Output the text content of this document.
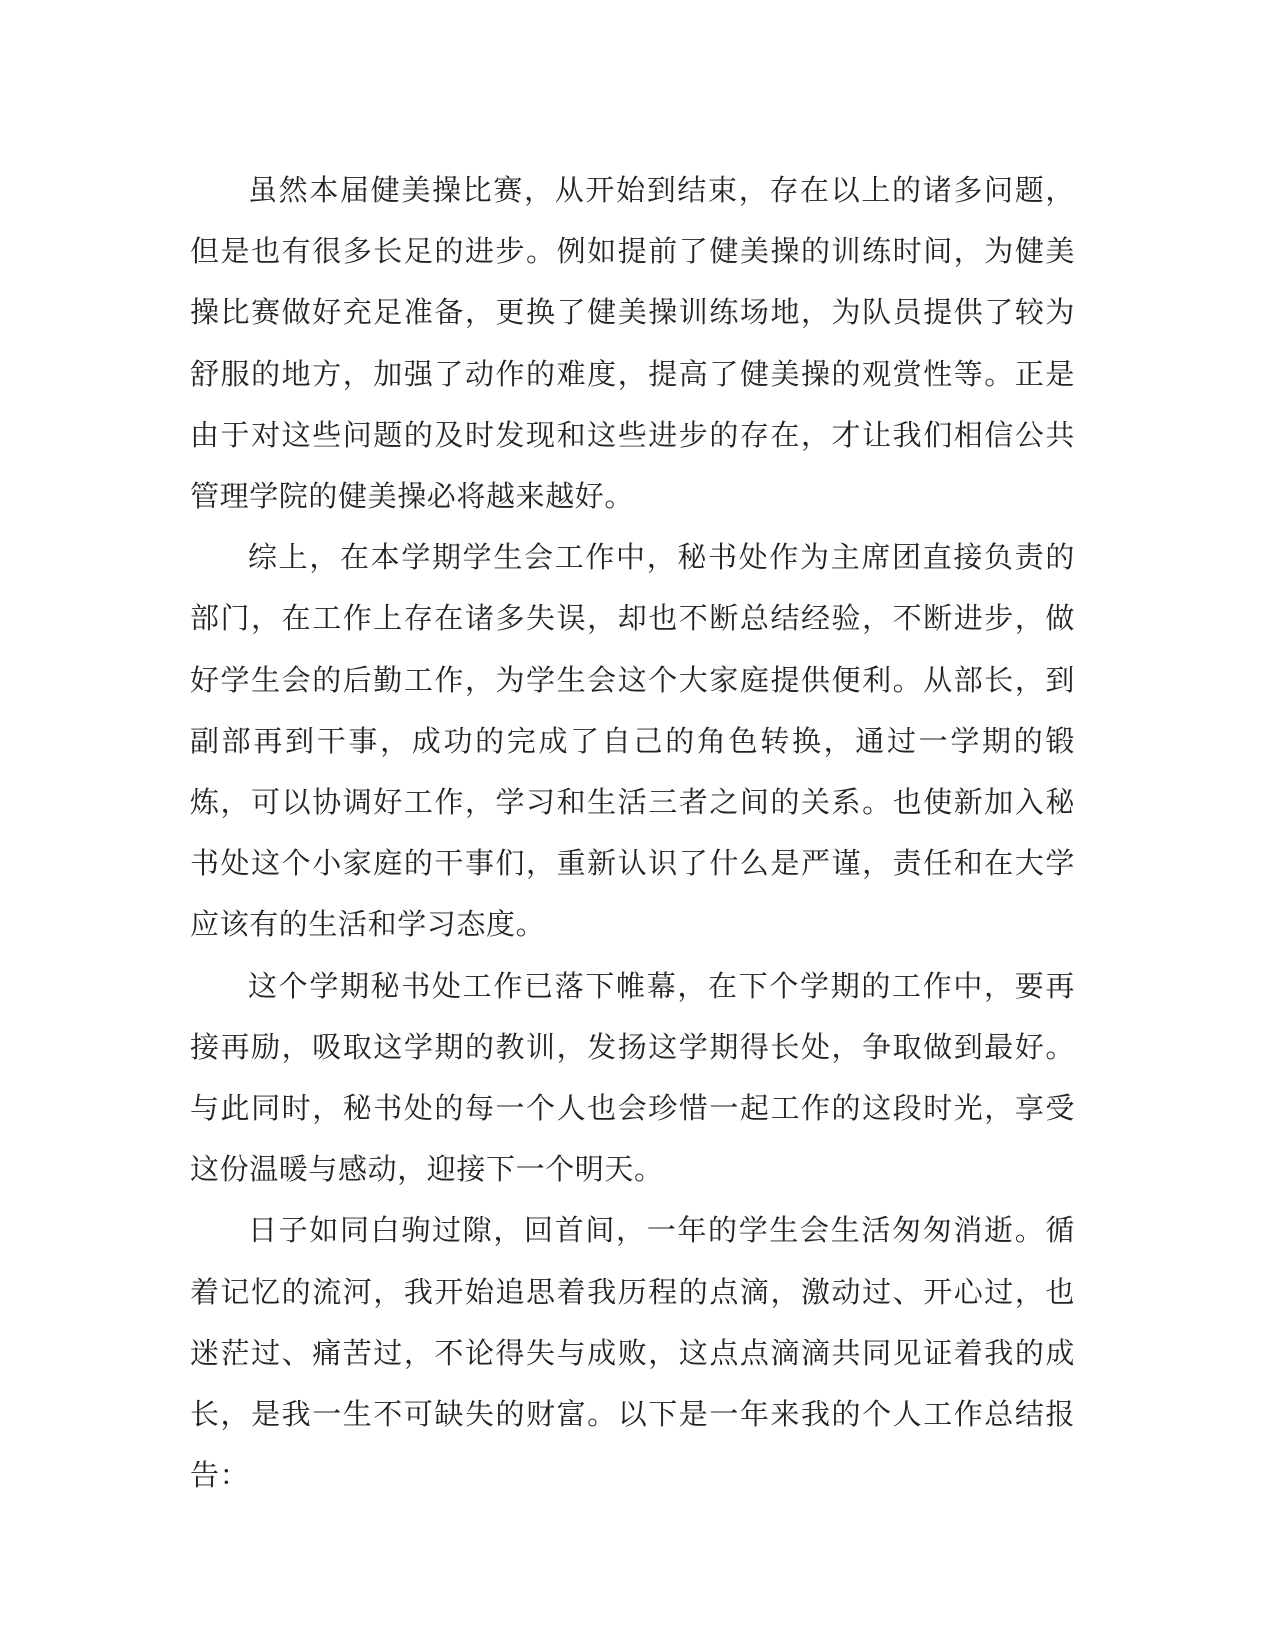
虽然本届健美操比赛，从开始到结束，存在以上的诸多问题，但是也有很多长足的进步。例如提前了健美操的训练时间，为健美操比赛做好充足准备，更换了健美操训练场地，为队员提供了较为舒服的地方，加强了动作的难度，提高了健美操的观赏性等。正是由于对这些问题的及时发现和这些进步的存在，才让我们相信公共管理学院的健美操必将越来越好。

综上，在本学期学生会工作中，秘书处作为主席团直接负责的部门，在工作上存在诸多失误，却也不断总结经验，不断进步，做好学生会的后勤工作，为学生会这个大家庭提供便利。从部长，到副部再到干事，成功的完成了自己的角色转换，通过一学期的锻炼，可以协调好工作，学习和生活三者之间的关系。也使新加入秘书处这个小家庭的干事们，重新认识了什么是严谨，责任和在大学应该有的生活和学习态度。

这个学期秘书处工作已落下帷幕，在下个学期的工作中，要再接再励，吸取这学期的教训，发扬这学期得长处，争取做到最好。与此同时，秘书处的每一个人也会珍惜一起工作的这段时光，享受这份温暖与感动，迎接下一个明天。

日子如同白驹过隙，回首间，一年的学生会生活匆匆消逝。循着记忆的流河，我开始追思着我历程的点滴，激动过、开心过，也迷茫过、痛苦过，不论得失与成败，这点点滴滴共同见证着我的成长，是我一生不可缺失的财富。以下是一年来我的个人工作总结报告：
